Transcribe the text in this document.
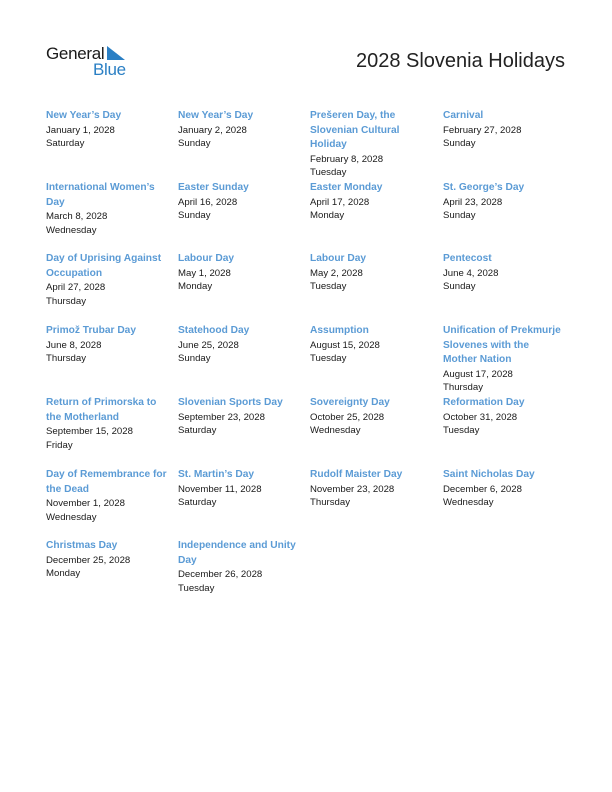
General
Blue	2028 Slovenia Holidays
New Year’s Day
January 1, 2028
Saturday
New Year’s Day
January 2, 2028
Sunday
Prešeren Day, the Slovenian Cultural Holiday
February 8, 2028
Tuesday
Carnival
February 27, 2028
Sunday
International Women’s Day
March 8, 2028
Wednesday
Easter Sunday
April 16, 2028
Sunday
Easter Monday
April 17, 2028
Monday
St. George’s Day
April 23, 2028
Sunday
Day of Uprising Against Occupation
April 27, 2028
Thursday
Labour Day
May 1, 2028
Monday
Labour Day
May 2, 2028
Tuesday
Pentecost
June 4, 2028
Sunday
Primož Trubar Day
June 8, 2028
Thursday
Statehood Day
June 25, 2028
Sunday
Assumption
August 15, 2028
Tuesday
Unification of Prekmurje Slovenes with the Mother Nation
August 17, 2028
Thursday
Return of Primorska to the Motherland
September 15, 2028
Friday
Slovenian Sports Day
September 23, 2028
Saturday
Sovereignty Day
October 25, 2028
Wednesday
Reformation Day
October 31, 2028
Tuesday
Day of Remembrance for the Dead
November 1, 2028
Wednesday
St. Martin’s Day
November 11, 2028
Saturday
Rudolf Maister Day
November 23, 2028
Thursday
Saint Nicholas Day
December 6, 2028
Wednesday
Christmas Day
December 25, 2028
Monday
Independence and Unity Day
December 26, 2028
Tuesday
